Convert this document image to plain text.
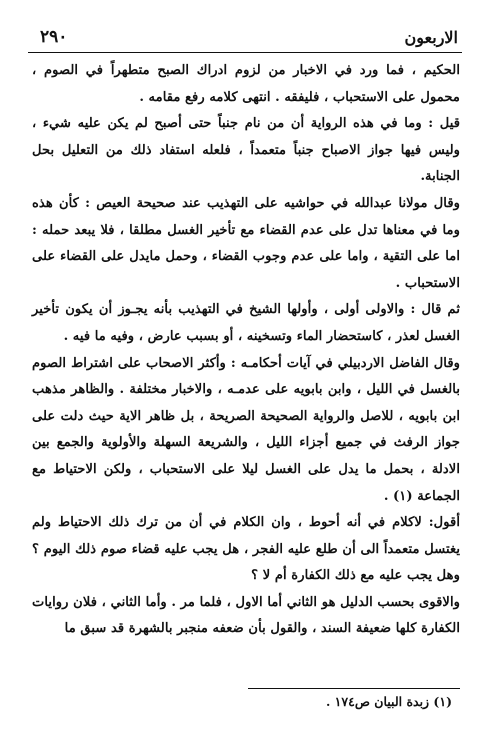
٢٩٠	الاربعون

الحكيم ، فما ورد في الاخبار من لزوم ادراك الصبح متطهراً في الصوم ، محمول على الاستحباب ، فليفقه . انتهى كلامه رفع مقامه .

قيل : وما في هذه الرواية أن من نام جنباً حتى أصبح لم يكن عليه شيء ، وليس فيها جواز الاصباح جنباً متعمداً ، فلعله استفاد ذلك من التعليل بحل الجنابة.

وقال مولانا عبدالله في حواشيه على التهذيب عند صحيحة العيص : كأن هذه وما في معناها تدل على عدم القضاء مع تأخير الغسل مطلقا ، فلا يبعد حمله : اما على التقية ، واما على عدم وجوب القضاء ، وحمل مايدل على القضاء على الاستحباب .

ثم قال : والاولى أولى ، وأولها الشيخ في التهذيب بأنه يجـوز أن يكون تأخير الغسل لعذر ، كاستحضار الماء وتسخينه ، أو بسبب عارض ، وفيه ما فيه .

وقال الفاضل الاردبيلي في آيات أحكامـه : وأكثر الاصحاب على اشتراط الصوم بالغسل في الليل ، وابن بابويه على عدمـه ، والاخبار مختلفة . والظاهر مذهب ابن بابويه ، للاصل والرواية الصحيحة الصريحة ، بل ظاهر الاية حيث دلت على جواز الرفث في جميع أجزاء الليل ، والشريعة السهلة والأولوية والجمع بين الادلة ، بحمل ما يدل على الغسل ليلا على الاستحباب ، ولكن الاحتياط مع الجماعة (١) .

أقول: لاكلام في أنه أحوط ، وان الكلام في أن من ترك ذلك الاحتياط ولم يغتسل متعمداً الى أن طلع عليه الفجر ، هل يجب عليه قضاء صوم ذلك اليوم ؟ وهل يجب عليه مع ذلك الكفارة أم لا ؟

والاقوى بحسب الدليل هو الثاني أما الاول ، فلما مر . وأما الثاني ، فلان روايات الكفارة كلها ضعيفة السند ، والقول بأن ضعفه منجبر بالشهرة قد سبق ما

(١) زبدة البيان ص١٧٤ .
